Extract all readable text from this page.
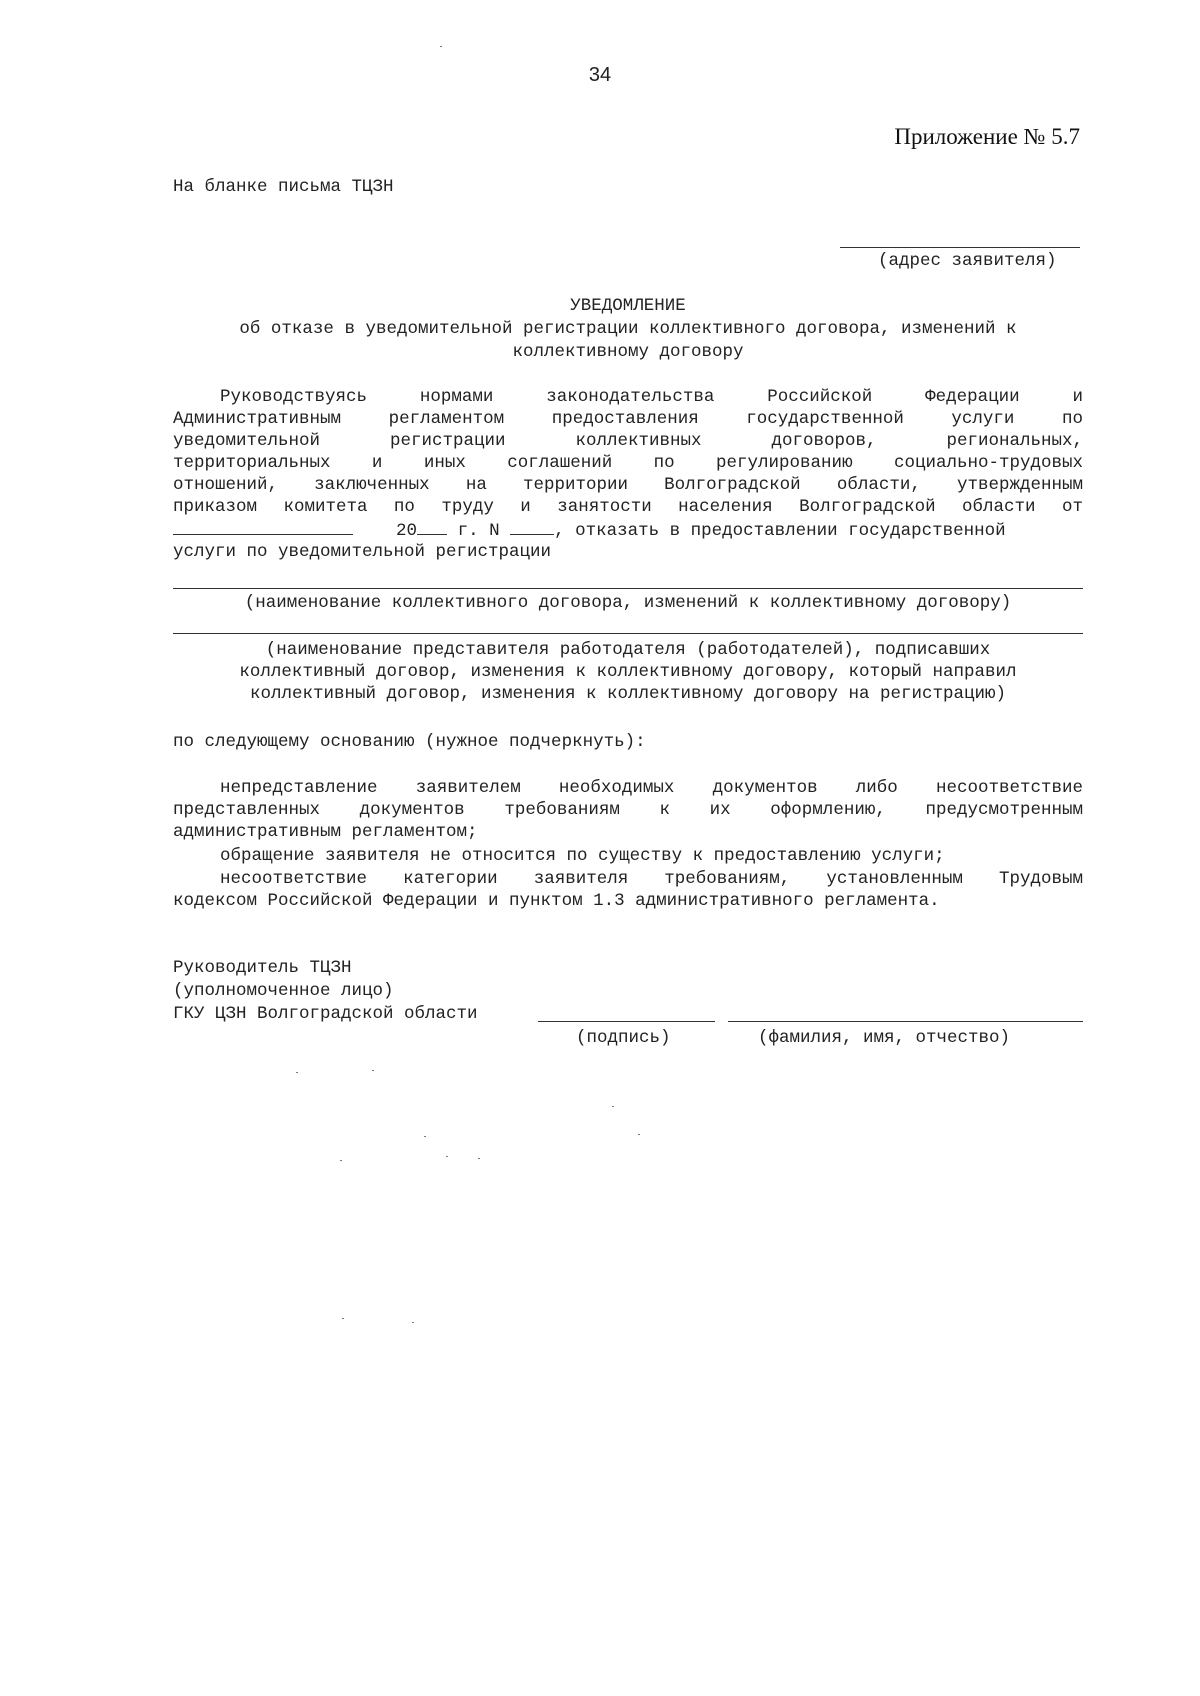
34
Приложение № 5.7
На бланке письма ТЦЗН
(адрес заявителя)
УВЕДОМЛЕНИЕ
об отказе в уведомительной регистрации коллективного договора, изменений к
коллективному договору
Руководствуясь нормами законодательства Российской Федерации и
Административным регламентом предоставления государственной услуги по
уведомительной регистрации коллективных договоров, региональных,
территориальных и иных соглашений по регулированию социально-трудовых
отношений, заключенных на территории Волгоградской области, утвержденным
приказом комитета по труду и занятости населения Волгоградской области от
20 г. N	, отказать в предоставлении государственной
услуги по уведомительной регистрации
(наименование коллективного договора, изменений к коллективному договору)
(наименование представителя работодателя (работодателей), подписавших
коллективный договор, изменения к коллективному договору, который направил
коллективный договор, изменения к коллективному договору на регистрацию)
по следующему основанию (нужное подчеркнуть):
непредставление заявителем необходимых документов либо несоответствие
представленных документов требованиям к их оформлению, предусмотренным
административным регламентом;
обращение заявителя не относится по существу к предоставлению услуги;
несоответствие категории заявителя требованиям, установленным Трудовым
кодексом Российской Федерации и пунктом 1.3 административного регламента.
Руководитель ТЦЗН
(уполномоченное лицо)
ГКУ ЦЗН Волгоградской области
(подпись)	(фамилия, имя, отчество)
